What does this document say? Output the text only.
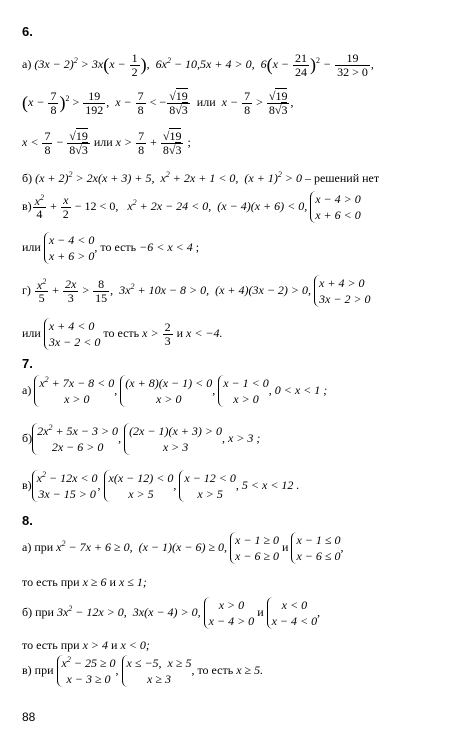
6.
а) $(3x - 2)^2 > 3x(x - \frac{1}{2}$ ),  $6x^2 - 10,5x + 4 > 0$, $6(x - \frac{21}{24} )^2 - \frac{19}{32 > 0}$ ,
$(x - \frac{7}{8} )^2 > \frac{19}{192}$ ,  $x - \frac{7}{8}$ < − $\frac{√19}{8√3}$ или $x - \frac{7}{8} > \frac{√19}{8√3}$ ,
$x < \frac{7}{8} - \frac{√19}{8√3}$ или $x > \frac{7}{8} + \frac{√19}{8√3}$ ;
б) $(x + 2)^2 > 2x(x + 3) + 5$,  $x^2 + 2x + 1 < 0$,  $(x + 1)^2 > 0$ – решений нет
$в) \frac{x^2}{4} + \frac{x}{2} - 12 < 0$,   $x^2 + 2x - 24 < 0$,  (x − 4)(x + 6) < 0, x − 4 > 0
x + 6 < 0
или x − 4 < 0
x + 6 > 0
, то есть −6 < x < 4 ;
$г) \frac{x^2}{5} + \frac{2x}{3} > \frac{8}{15}$ ,  $3x^2 + 10x - 8 > 0$,  (x + 4)(3x − 2) > 0, x + 4 > 0
3x − 2 > 0
или x + 4 < 0
3x − 2 < 0
то есть $x > \frac{2}{3}$ и x < −4.
7.
а) $x^2 + 7x - 8 < 0$
x > 0
, (x + 8)(x − 1) < 0
x > 0
, x − 1 < 0
x > 0
, 0 < x < 1 ;
б) $2x^2 + 5x - 3 > 0$
2x − 6 > 0
, (2x − 1)(x + 3) > 0
x > 3
, x > 3 ;
в) $x^2 - 12x < 0$
3x − 15 > 0
, x(x − 12) < 0
x > 5
, x − 12 < 0
x > 5
, 5 < x < 12 .
8.
а) при $x^2 - 7x + 6 \ge 0$,  (x − 1)(x − 6) ≥ 0, x − 1 ≥ 0
x − 6 ≥ 0
и x − 1 ≤ 0
x − 6 ≤ 0
,
то есть при x ≥ 6 и x ≤ 1;
б) при $3x^2 - 12x > 0$,  3x(x − 4) > 0,	x > 0
x − 4 > 0
и	x < 0
x − 4 < 0
,
то есть при x > 4 и x < 0;
в) при $x^2 - 25 \ge 0$
x − 3 ≥ 0
, x ≤ −5,  x ≥ 5
x ≥ 3
, то есть x ≥ 5.
88
